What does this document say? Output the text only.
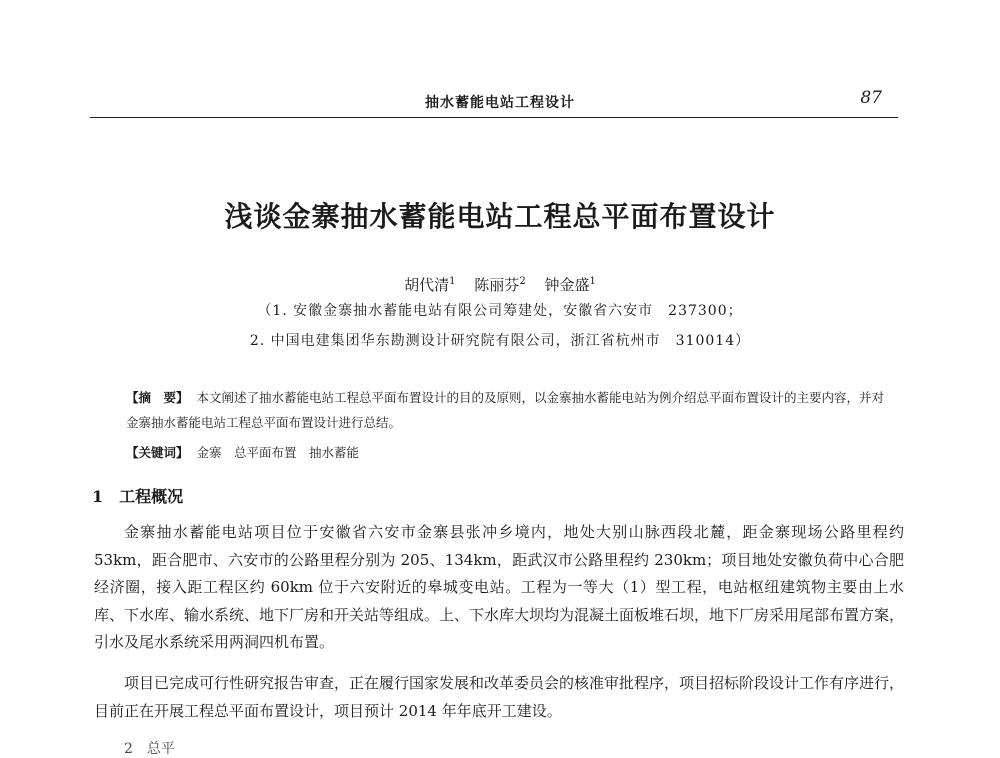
抽水蓄能电站工程设计	87
浅谈金寨抽水蓄能电站工程总平面布置设计
胡代清$^1$ 陈丽芬$^2$ 钟金盛$^1$
（1. 安徽金寨抽水蓄能电站有限公司筹建处，安徽省六安市　237300；
2. 中国电建集团华东勘测设计研究院有限公司，浙江省杭州市　310014）
【摘　要】 本文阐述了抽水蓄能电站工程总平面布置设计的目的及原则，以金寨抽水蓄能电站为例介绍总平面布置设计的主要内容，并对金寨抽水蓄能电站工程总平面布置设计进行总结。
【关键词】 金寨　总平面布置　抽水蓄能
1 工程概况
金寨抽水蓄能电站项目位于安徽省六安市金寨县张冲乡境内，地处大别山脉西段北麓，距金寨现场公路里程约 53km，距合肥市、六安市的公路里程分别为 205、134km，距武汉市公路里程约 230km；项目地处安徽负荷中心合肥经济圈，接入距工程区约 60km 位于六安附近的皋城变电站。工程为一等大（1）型工程，电站枢纽建筑物主要由上水库、下水库、输水系统、地下厂房和开关站等组成。上、下水库大坝均为混凝土面板堆石坝，地下厂房采用尾部布置方案，引水及尾水系统采用两洞四机布置。
项目已完成可行性研究报告审查，正在履行国家发展和改革委员会的核准审批程序，项目招标阶段设计工作有序进行，目前正在开展工程总平面布置设计，项目预计 2014 年年底开工建设。
2　总平
